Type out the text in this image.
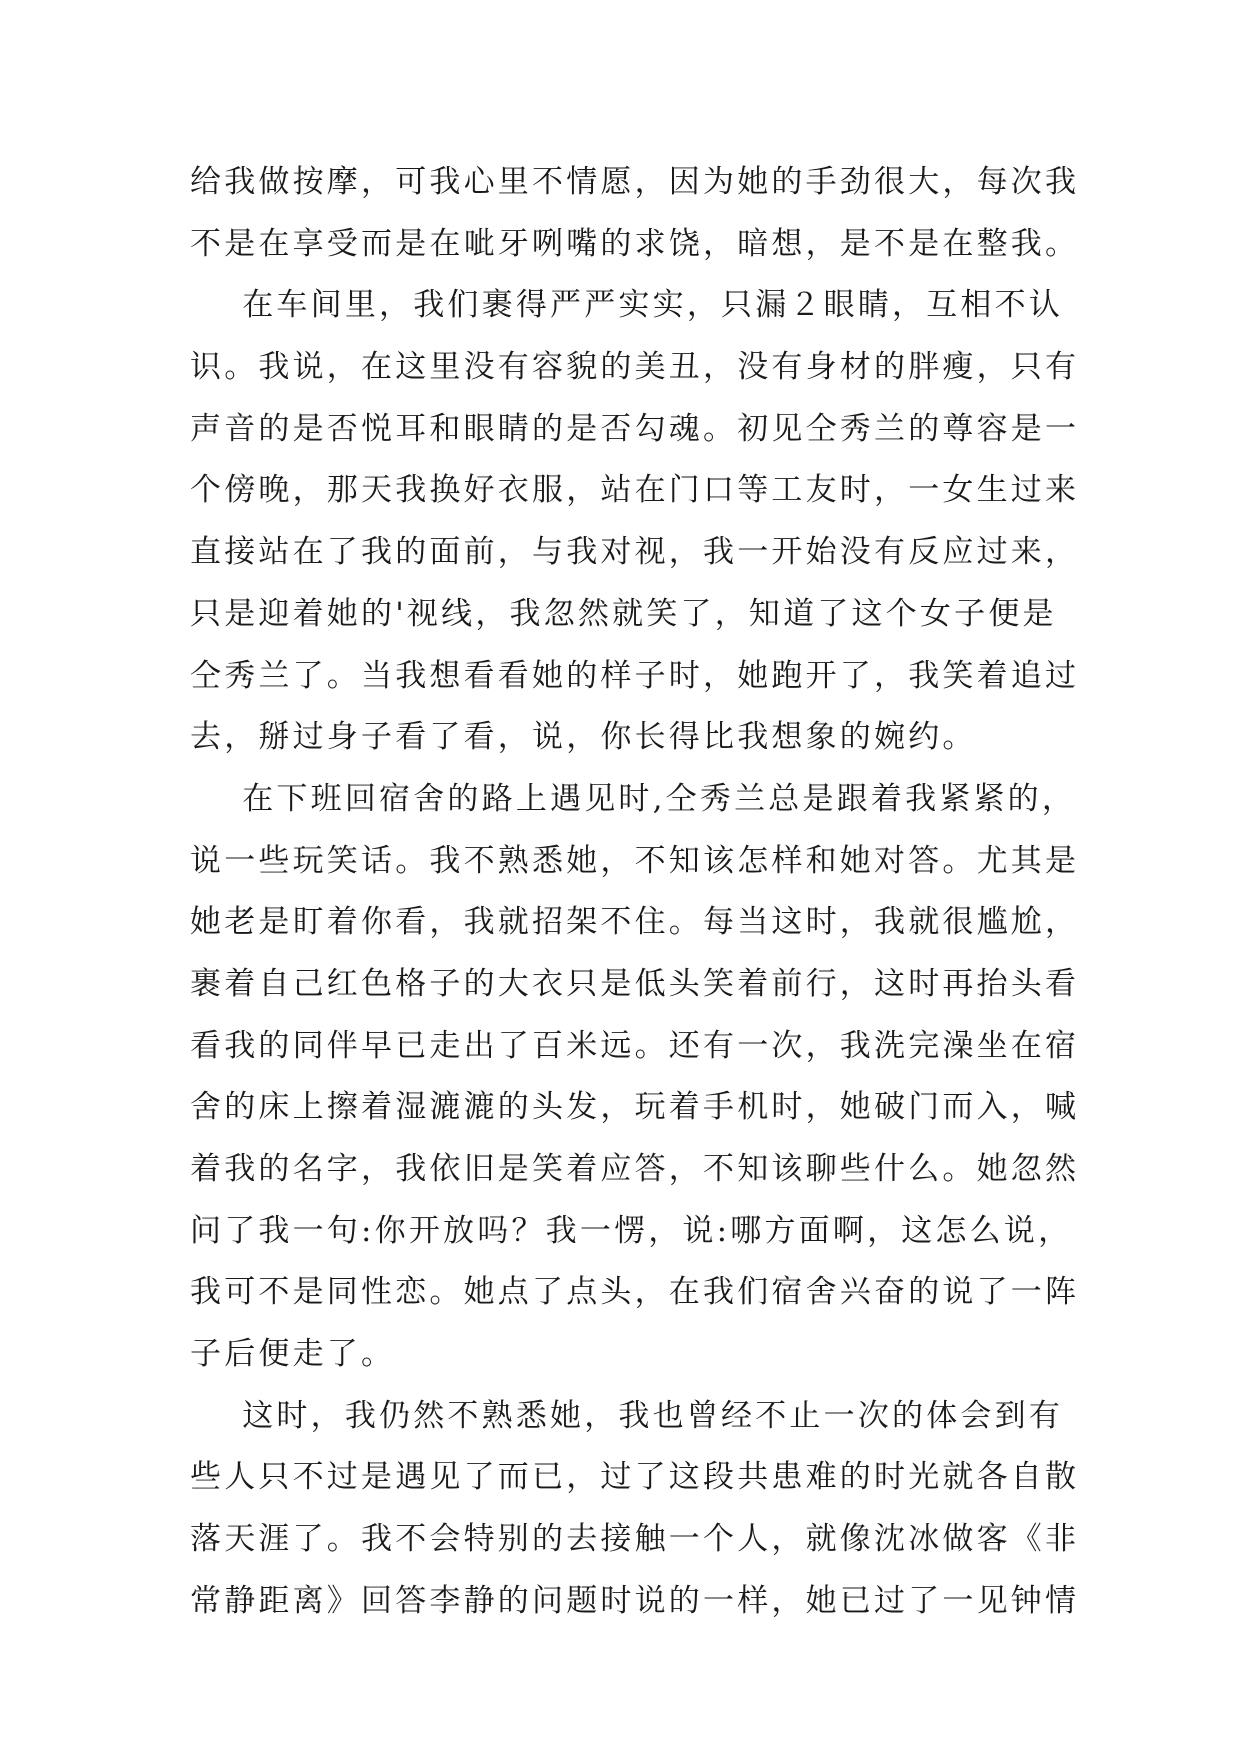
给我做按摩，可我心里不情愿，因为她的手劲很大，每次我
不是在享受而是在呲牙咧嘴的求饶，暗想，是不是在整我。
在车间里，我们裹得严严实实，只漏２眼睛，互相不认
识。我说，在这里没有容貌的美丑，没有身材的胖瘦，只有
声音的是否悦耳和眼睛的是否勾魂。初见仝秀兰的尊容是一
个傍晚，那天我换好衣服，站在门口等工友时，一女生过来
直接站在了我的面前，与我对视，我一开始没有反应过来，
只是迎着她的'视线，我忽然就笑了，知道了这个女子便是
仝秀兰了。当我想看看她的样子时，她跑开了，我笑着追过
去，掰过身子看了看，说，你长得比我想象的婉约。
在下班回宿舍的路上遇见时,仝秀兰总是跟着我紧紧的，
说一些玩笑话。我不熟悉她，不知该怎样和她对答。尤其是
她老是盯着你看，我就招架不住。每当这时，我就很尴尬，
裹着自己红色格子的大衣只是低头笑着前行，这时再抬头看
看我的同伴早已走出了百米远。还有一次，我洗完澡坐在宿
舍的床上擦着湿漉漉的头发，玩着手机时，她破门而入，喊
着我的名字，我依旧是笑着应答，不知该聊些什么。她忽然
问了我一句:你开放吗？我一愣，说:哪方面啊，这怎么说，
我可不是同性恋。她点了点头，在我们宿舍兴奋的说了一阵
子后便走了。
这时，我仍然不熟悉她，我也曾经不止一次的体会到有
些人只不过是遇见了而已，过了这段共患难的时光就各自散
落天涯了。我不会特别的去接触一个人，就像沈冰做客《非
常静距离》回答李静的问题时说的一样，她已过了一见钟情
